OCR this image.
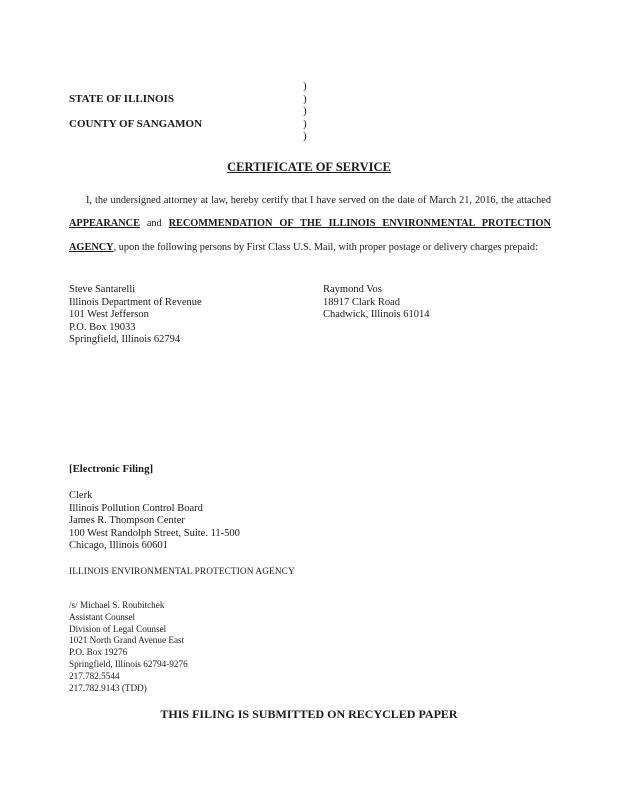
STATE OF ILLINOIS
COUNTY OF SANGAMON
)
)
)
)
)
CERTIFICATE OF SERVICE
I, the undersigned attorney at law, hereby certify that I have served on the date of March 21, 2016, the attached APPEARANCE and RECOMMENDATION OF THE ILLINOIS ENVIRONMENTAL PROTECTION AGENCY, upon the following persons by First Class U.S. Mail, with proper postage or delivery charges prepaid:
Steve Santarelli
Illinois Department of Revenue
101 West Jefferson
P.O. Box 19033
Springfield, Illinois 62794
Raymond Vos
18917 Clark Road
Chadwick, Illinois 61014
[Electronic Filing]
Clerk
Illinois Pollution Control Board
James R. Thompson Center
100 West Randolph Street, Suite. 11-500
Chicago, Illinois 60601
ILLINOIS ENVIRONMENTAL PROTECTION AGENCY
/s/ Michael S. Roubitchek
Assistant Counsel
Division of Legal Counsel
1021 North Grand Avenue East
P.O. Box 19276
Springfield, Illinois 62794-9276
217.782.5544
217.782.9143 (TDD)
THIS FILING IS SUBMITTED ON RECYCLED PAPER
